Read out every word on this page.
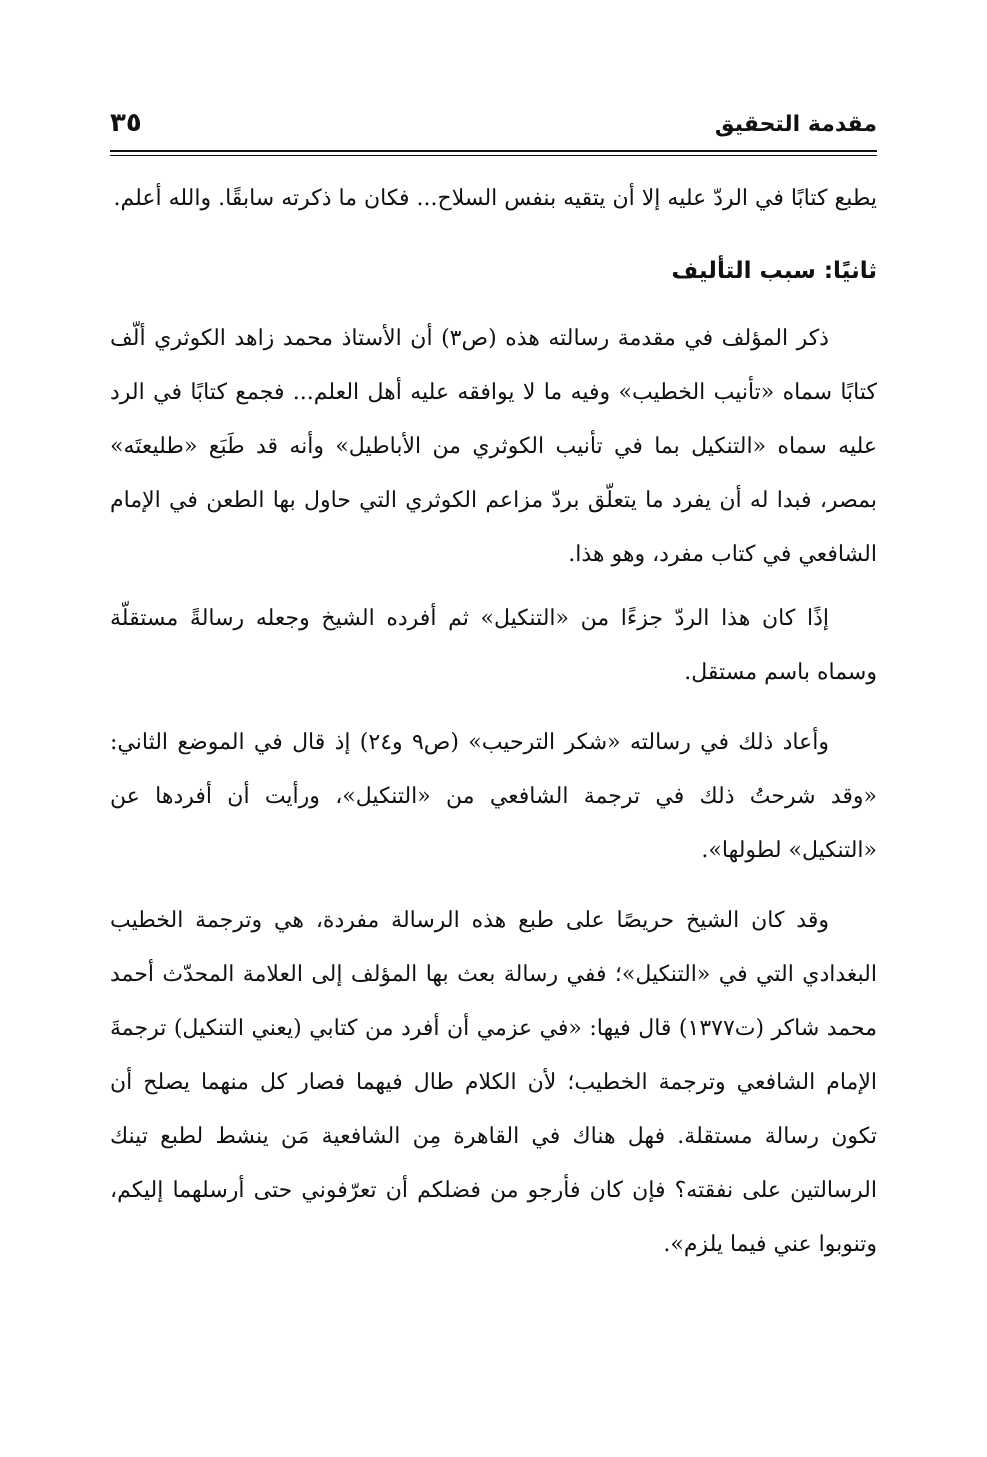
مقدمة التحقيق
٣٥

يطبع كتابًا في الردّ عليه إلا أن يتقيه بنفس السلاح... فكان ما ذكرته سابقًا. والله أعلم.

ثانيًا: سبب التأليف

ذكر المؤلف في مقدمة رسالته هذه (ص٣) أن الأستاذ محمد زاهد الكوثري ألّف كتابًا سماه «تأنيب الخطيب» وفيه ما لا يوافقه عليه أهل العلم... فجمع كتابًا في الرد عليه سماه «التنكيل بما في تأنيب الكوثري من الأباطيل» وأنه قد طَبَع «طليعتَه» بمصر، فبدا له أن يفرد ما يتعلّق بردّ مزاعم الكوثري التي حاول بها الطعن في الإمام الشافعي في كتاب مفرد، وهو هذا.

إذًا كان هذا الردّ جزءًا من «التنكيل» ثم أفرده الشيخ وجعله رسالةً مستقلّة وسماه باسم مستقل.

وأعاد ذلك في رسالته «شكر الترحيب» (ص٩ و٢٤) إذ قال في الموضع الثاني: «وقد شرحتُ ذلك في ترجمة الشافعي من «التنكيل»، ورأيت أن أفردها عن «التنكيل» لطولها».

وقد كان الشيخ حريصًا على طبع هذه الرسالة مفردة، هي وترجمة الخطيب البغدادي التي في «التنكيل»؛ ففي رسالة بعث بها المؤلف إلى العلامة المحدّث أحمد محمد شاكر (ت١٣٧٧) قال فيها: «في عزمي أن أفرد من كتابي (يعني التنكيل) ترجمةَ الإمام الشافعي وترجمة الخطيب؛ لأن الكلام طال فيهما فصار كل منهما يصلح أن تكون رسالة مستقلة. فهل هناك في القاهرة مِن الشافعية مَن ينشط لطبع تينك الرسالتين على نفقته؟ فإن كان فأرجو من فضلكم أن تعرّفوني حتى أرسلهما إليكم، وتنوبوا عني فيما يلزم».
